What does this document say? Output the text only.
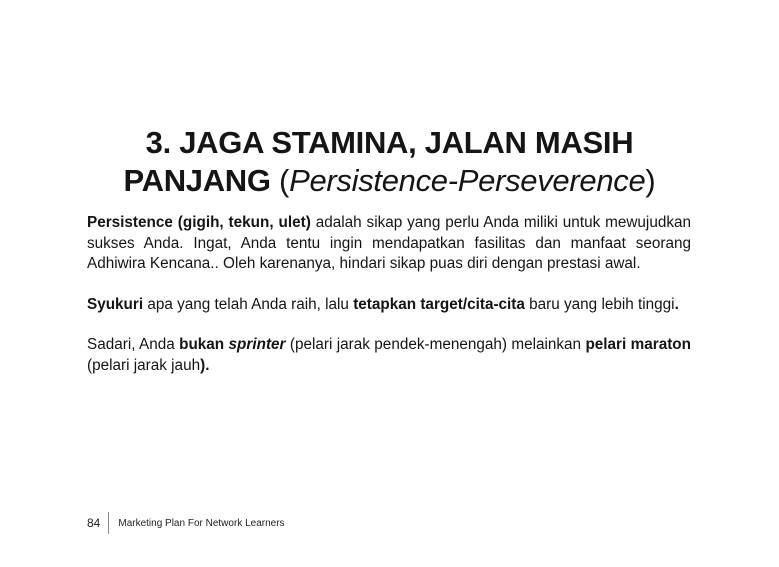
3. JAGA STAMINA, JALAN MASIH
PANJANG (Persistence-Perseverence)

Persistence (gigih, tekun, ulet) adalah sikap yang perlu Anda miliki untuk mewujudkan sukses Anda. Ingat, Anda tentu ingin mendapatkan fasilitas dan manfaat seorang Adhiwira Kencana.. Oleh karenanya, hindari sikap puas diri dengan prestasi awal.

Syukuri apa yang telah Anda raih, lalu tetapkan target/cita-cita baru yang lebih tinggi.

Sadari, Anda bukan sprinter (pelari jarak pendek-menengah) melainkan pelari maraton (pelari jarak jauh).

84	Marketing Plan For Network Learners
